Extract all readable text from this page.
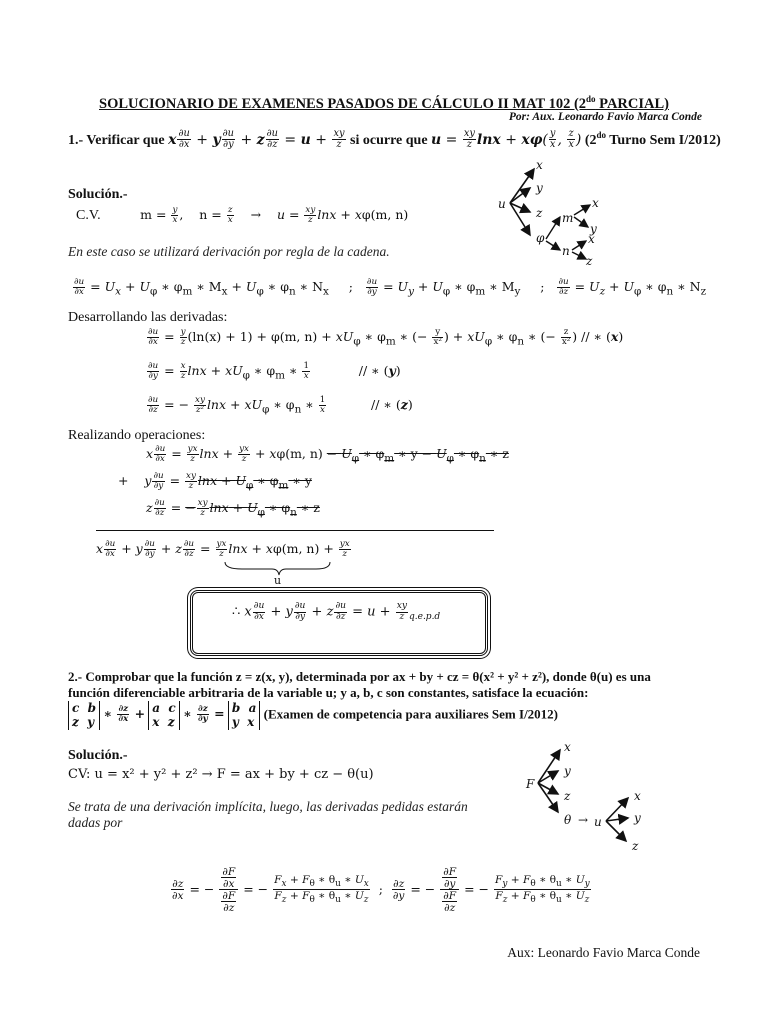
SOLUCIONARIO DE EXAMENES PASADOS DE CÁLCULO II MAT 102 ($2^{do}$ PARCIAL)
Por: Aux. Leonardo Favio Marca Conde
1.- Verificar que x $\frac{\partial u}{\partial x} + y \frac{\partial u}{\partial y} + z \frac{\partial u}{\partial z} = u + \frac{xy}{z}$ si ocurre que $u = \frac{xy}{z}$ $\ln x + x\varphi( \frac{y}{x}$ , $\frac{z}{x}$ ) ($2^{do}$ Turno Sem I/2012)
u
x
y
z
φ
m
x
y
n
x
z
Solución.-
C.V.	$m = \frac{y}{x}$ ,    $n = \frac{z}{x}$ →    $u = \frac{xy}{z}$ lnx + xφ(m, n)
En este caso se utilizará derivación por regla de la cadena.
$\frac{\partial u}{\partial x} = U_x + U_\varphi$ ∗ $\varphi_m$ ∗ $M_x + U_\varphi$ ∗ $\varphi_n$ ∗ $N_x$     ; $\frac{\partial u}{\partial y} = U_y + U_\varphi$ ∗ $\varphi_m$ ∗ $M_y$     ; $\frac{\partial u}{\partial z} = U_z + U_\varphi$ ∗ $\varphi_n$ ∗ $N_z$
Desarrollando las derivadas:
$\frac{\partial u}{\partial x} = \frac{y}{z} (\ln(x) + 1) + \varphi(m$, $n) + xU_\varphi$ ∗ $\varphi_m$ ∗ (− $\frac{y}{\text{x²}}$ ) + $xU_\varphi$ ∗ $\varphi_n$ ∗ (− $\frac{z}{\text{x²}}$ ) // ∗ (x)
$\frac{\partial u}{\partial y} = \frac{x}{z}$ $\ln x + xU_\varphi$ ∗ $\varphi_m$ ∗ $\frac{1}{x}$ // ∗ (y)
$\frac{\partial u}{\partial z}$ = − $\frac{xy}{\text{z²}}$ $\ln x + xU_\varphi$ ∗ $\varphi_n$ ∗ $\frac{1}{x}$ // ∗ (z)
Realizando operaciones:
x $\frac{\partial u}{\partial x} = \frac{yx}{z}$ $\ln x + \frac{yx}{z} + x\varphi(m$, $n) - U_\varphi$ ∗ $\varphi_m$ ∗ $y - U_\varphi$ ∗ $\varphi_n$ ∗ z
+    y $\frac{\partial u}{\partial y} = \frac{xy}{z}$ $\ln x + U_\varphi$ ∗ $\varphi_m$ ∗ y
z $\frac{\partial u}{\partial z}$ = − $\frac{xy}{z}$ $\ln x + U_\varphi$ ∗ $\varphi_n$ ∗ z
x $\frac{\partial u}{\partial x} + y \frac{\partial u}{\partial y} + z \frac{\partial u}{\partial z} = \frac{yx}{z}$ lnx + xφ(m, $n) + \frac{yx}{z}$
u
∴ x $\frac{\partial u}{\partial x} + y \frac{\partial u}{\partial y} + z \frac{\partial u}{\partial z} = u + \frac{xy}{z} _{q.e.p.d}$
2.- Comprobar que la función z = z(x, y), determinada por ax + by + cz = θ(x² + y² + z²), donde θ(u) es una
función diferenciable arbitraria de la variable u; y a, b, c son constantes, satisface la ecuación:
c  b
z  y ∗ $\frac{\partial z}{\partial x} + a$  c
x  z ∗ $\frac{\partial z}{\partial y} = b$  a
y  x (Examen de competencia para auxiliares Sem I/2012)
Solución.-
CV: u = x² + y² + z² → F = ax + by + cz − θ(u)
Se trata de una derivación implícita, luego, las derivadas pedidas estarán
dadas por
F
x
y
z
θ → u
x
y
z
$\frac{\partial z}{\partial x}$ = − $\frac{\frac{\partial F}{\partial x}}{\frac{\partial F}{\partial z}}$ = − $\frac{F_x + F_\theta ∗ \theta_u ∗ U_x}{F_z + F_\theta ∗ \theta_u ∗ U_z}$ ; $\frac{\partial z}{\partial y}$ = − $\frac{\frac{\partial F}{\partial y}}{\frac{\partial F}{\partial z}}$ = − $\frac{F_y + F_\theta ∗ \theta_u ∗ U_y}{F_z + F_\theta ∗ \theta_u ∗ U_z}$
Aux: Leonardo Favio Marca Conde
